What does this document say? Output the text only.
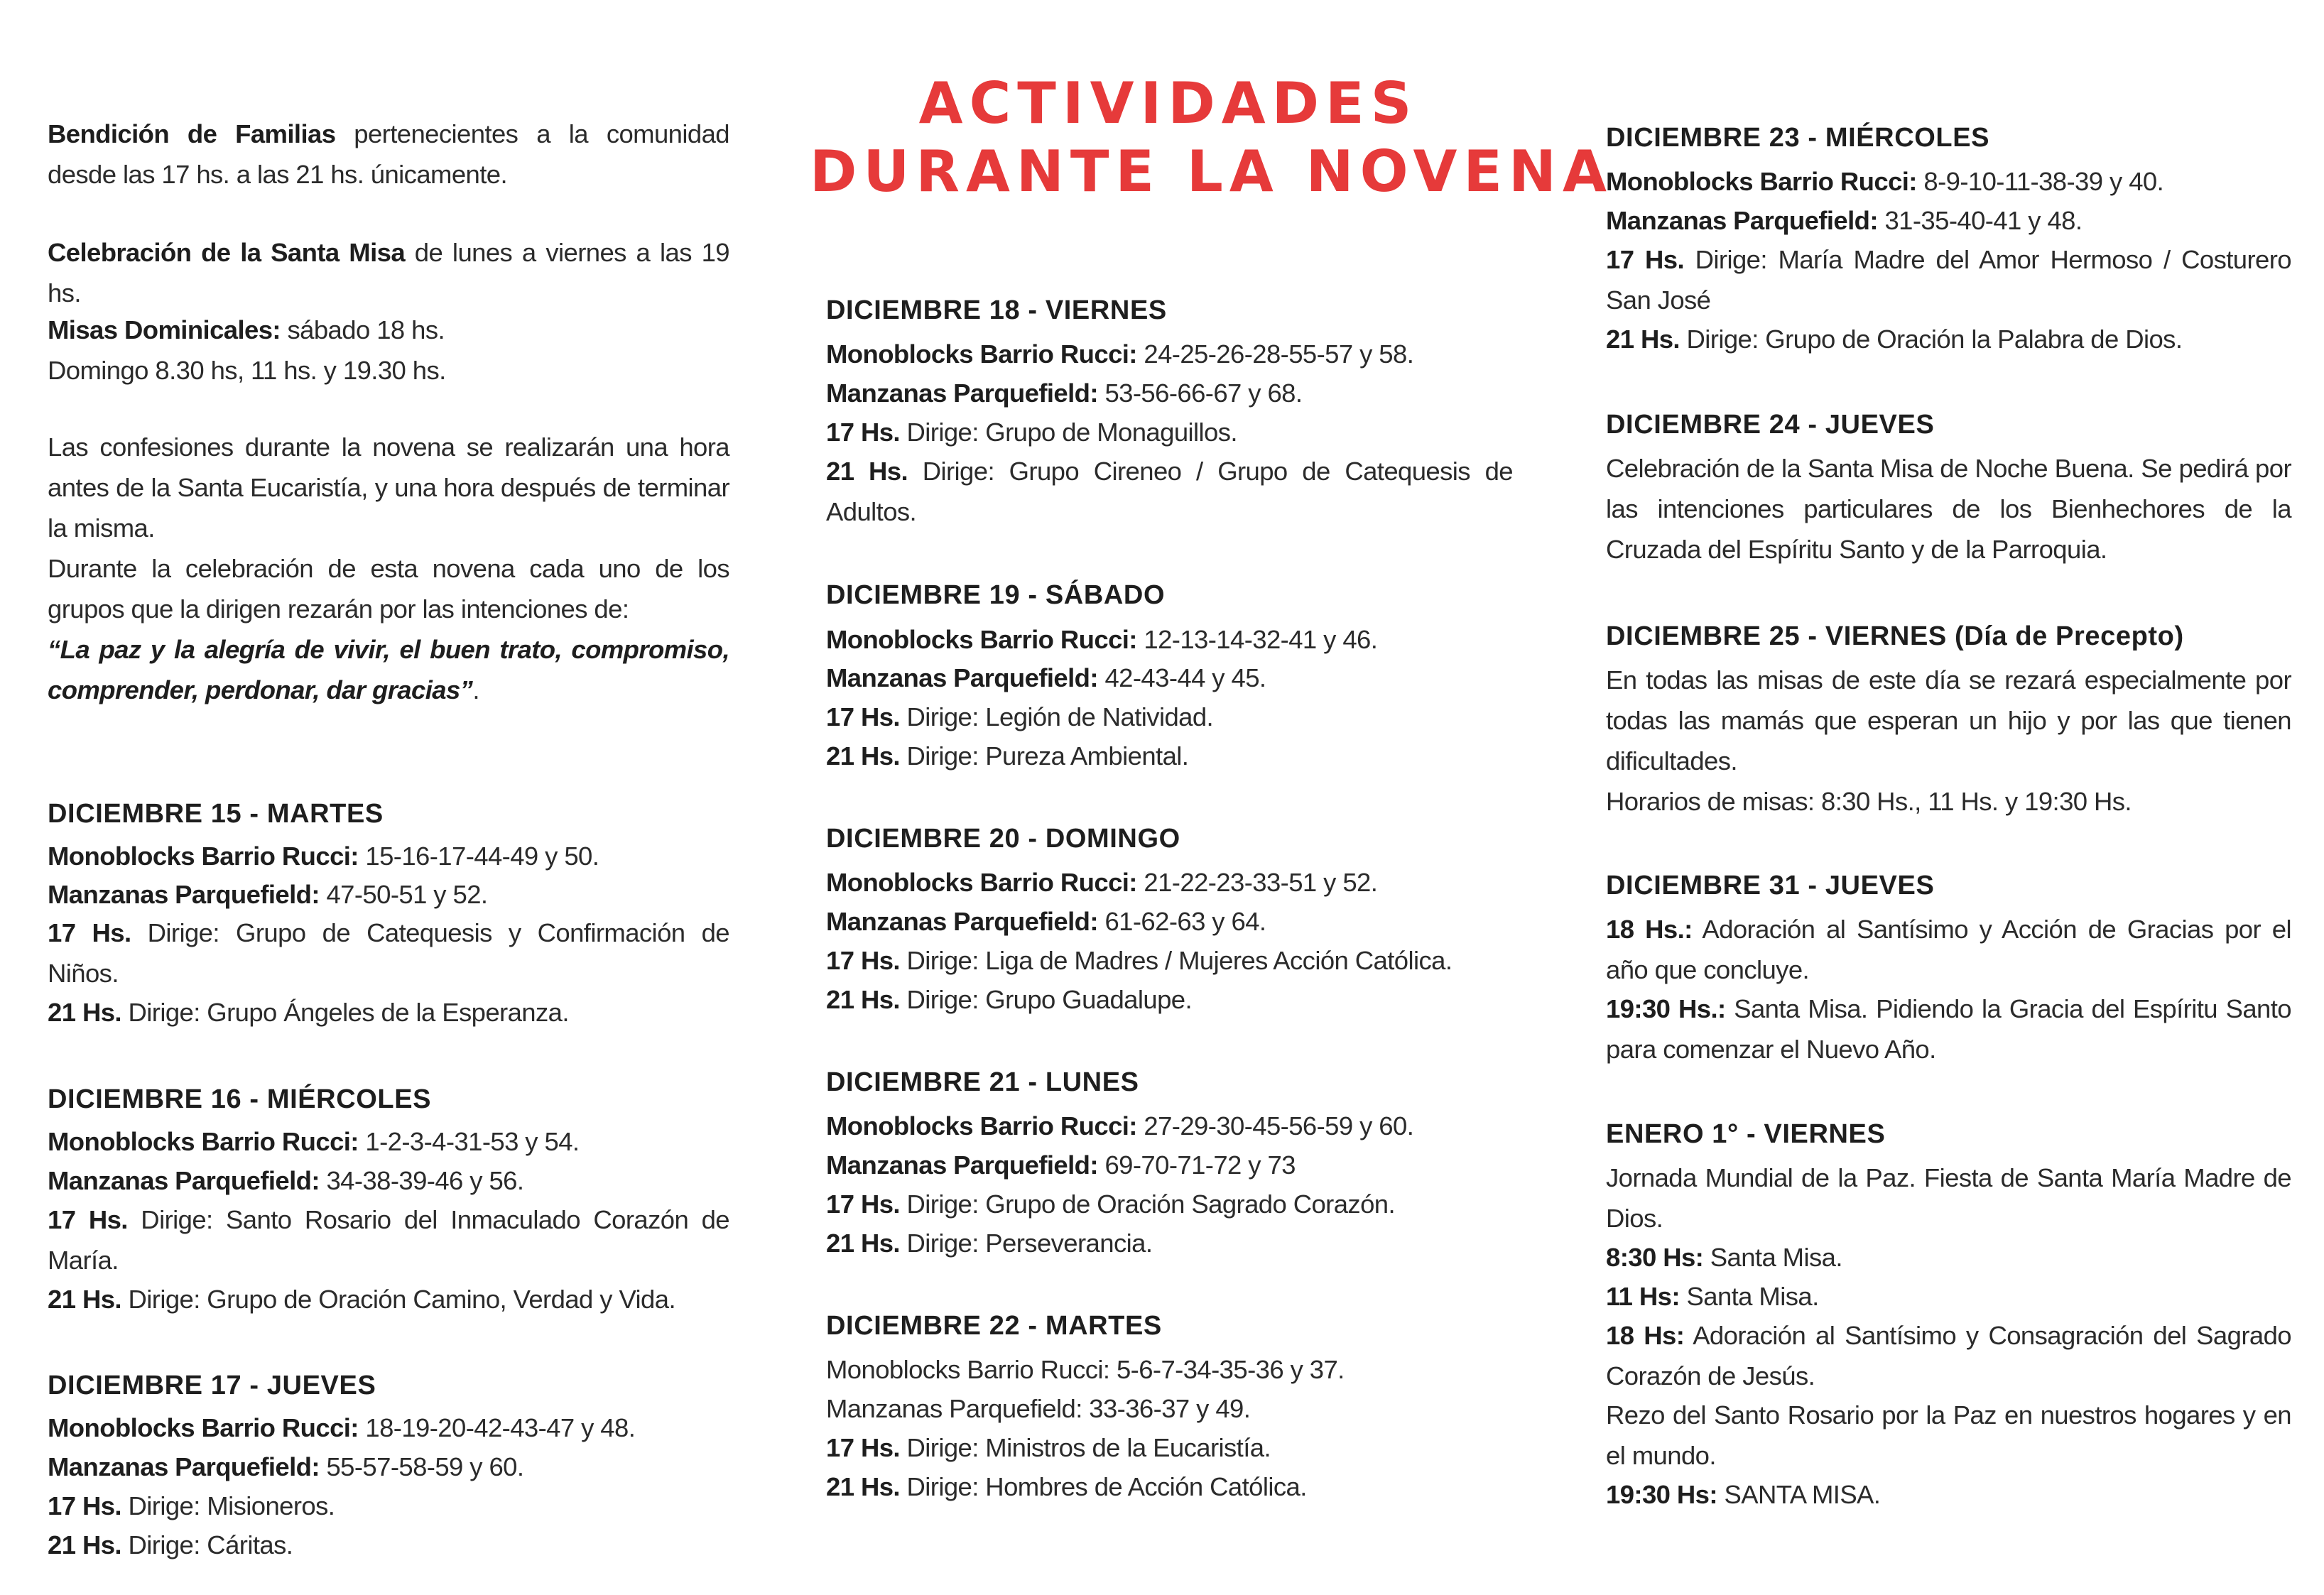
ACTIVIDADES
DURANTE LA NOVENA

Bendición de Familias pertenecientes a la comunidad desde las 17 hs. a las 21 hs. únicamente.

Celebración de la Santa Misa de lunes a viernes a las 19 hs.

Misas Dominicales: sábado 18 hs.

Domingo 8.30 hs, 11 hs. y 19.30 hs.

Las confesiones durante la novena se realizarán una hora antes de la Santa Eucaristía, y una hora después de terminar la misma.

Durante la celebración de esta novena cada uno de los grupos que la dirigen rezarán por las intenciones de:

“La paz y la alegría de vivir, el buen trato, compromiso, comprender, perdonar, dar gracias”.

DICIEMBRE 15 - MARTES

Monoblocks Barrio Rucci: 15-16-17-44-49 y 50.

Manzanas Parquefield: 47-50-51 y 52.

17 Hs. Dirige: Grupo de Catequesis y Confirmación de Niños.

21 Hs. Dirige: Grupo Ángeles de la Esperanza.

DICIEMBRE 16 - MIÉRCOLES

Monoblocks Barrio Rucci: 1-2-3-4-31-53 y 54.

Manzanas Parquefield: 34-38-39-46 y 56.

17 Hs. Dirige: Santo Rosario del Inmaculado Corazón de María.

21 Hs. Dirige: Grupo de Oración Camino, Verdad y Vida.

DICIEMBRE 17 - JUEVES

Monoblocks Barrio Rucci: 18-19-20-42-43-47 y 48.

Manzanas Parquefield: 55-57-58-59 y 60.

17 Hs. Dirige: Misioneros.

21 Hs. Dirige: Cáritas.

DICIEMBRE 18 - VIERNES

Monoblocks Barrio Rucci: 24-25-26-28-55-57 y 58.

Manzanas Parquefield: 53-56-66-67 y 68.

17 Hs. Dirige: Grupo de Monaguillos.

21 Hs. Dirige: Grupo Cireneo / Grupo de Catequesis de Adultos.

DICIEMBRE 19 - SÁBADO

Monoblocks Barrio Rucci: 12-13-14-32-41 y 46.

Manzanas Parquefield: 42-43-44 y 45.

17 Hs. Dirige: Legión de Natividad.

21 Hs. Dirige: Pureza Ambiental.

DICIEMBRE 20 - DOMINGO

Monoblocks Barrio Rucci: 21-22-23-33-51 y 52.

Manzanas Parquefield: 61-62-63 y 64.

17 Hs. Dirige: Liga de Madres / Mujeres Acción Católica.

21 Hs. Dirige: Grupo Guadalupe.

DICIEMBRE 21 - LUNES

Monoblocks Barrio Rucci: 27-29-30-45-56-59 y 60.

Manzanas Parquefield: 69-70-71-72 y 73

17 Hs. Dirige: Grupo de Oración Sagrado Corazón.

21 Hs. Dirige: Perseverancia.

DICIEMBRE 22 - MARTES

Monoblocks Barrio Rucci: 5-6-7-34-35-36 y 37.

Manzanas Parquefield: 33-36-37 y 49.

17 Hs. Dirige: Ministros de la Eucaristía.

21 Hs. Dirige: Hombres de Acción Católica.

DICIEMBRE 23 - MIÉRCOLES

Monoblocks Barrio Rucci: 8-9-10-11-38-39 y 40.

Manzanas Parquefield: 31-35-40-41 y 48.

17 Hs. Dirige: María Madre del Amor Hermoso / Costurero San José

21 Hs. Dirige: Grupo de Oración la Palabra de Dios.

DICIEMBRE 24 - JUEVES

Celebración de la Santa Misa de Noche Buena. Se pedirá por las intenciones particulares de los Bienhechores de la Cruzada del Espíritu Santo y de la Parroquia.

DICIEMBRE 25 - VIERNES (Día de Precepto)

En todas las misas de este día se rezará especialmente por todas las mamás que esperan un hijo y por las que tienen dificultades.

Horarios de misas: 8:30 Hs., 11 Hs. y 19:30 Hs.

DICIEMBRE 31 - JUEVES

18 Hs.: Adoración al Santísimo y Acción de Gracias por el año que concluye.

19:30 Hs.: Santa Misa. Pidiendo la Gracia del Espíritu Santo para comenzar el Nuevo Año.

ENERO 1° - VIERNES

Jornada Mundial de la Paz. Fiesta de Santa María Madre de Dios.

8:30 Hs: Santa Misa.

11 Hs: Santa Misa.

18 Hs: Adoración al Santísimo y Consagración del Sagrado Corazón de Jesús.

Rezo del Santo Rosario por la Paz en nuestros hogares y en el mundo.

19:30 Hs: SANTA MISA.
